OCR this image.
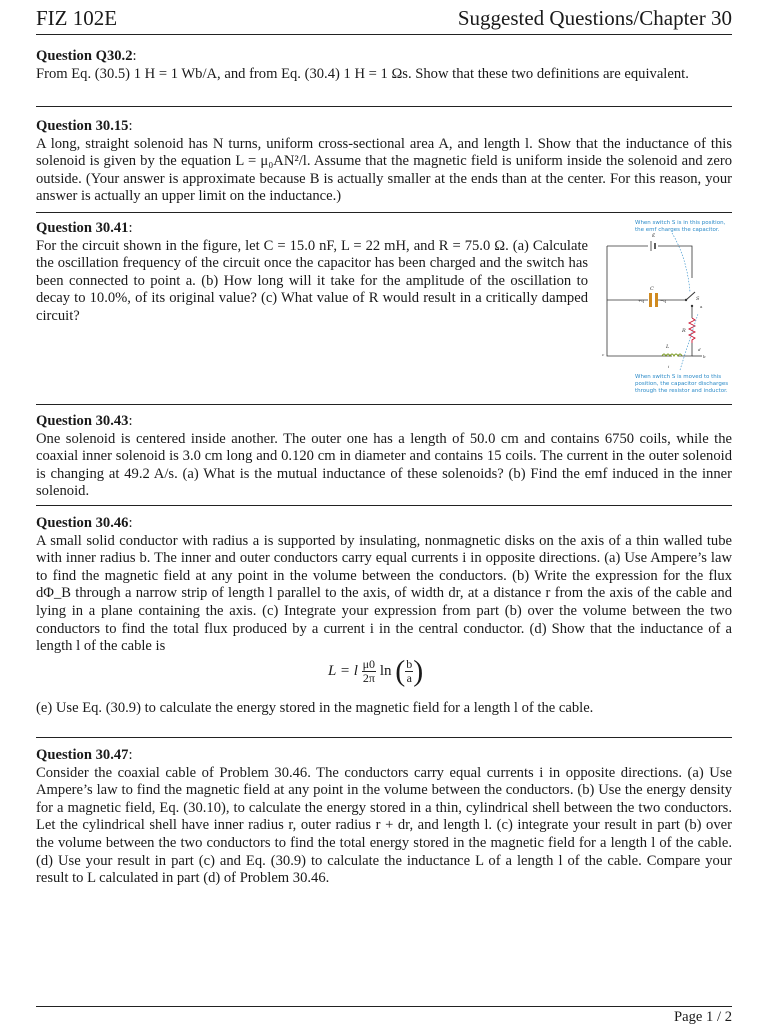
FIZ 102E	Suggested Questions/Chapter 30
Question Q30.2:
From Eq. (30.5) 1 H = 1 Wb/A, and from Eq. (30.4) 1 H = 1 Ωs. Show that these two definitions are equivalent.
Question 30.15:
A long, straight solenoid has N turns, uniform cross-sectional area A, and length l. Show that the inductance of this solenoid is given by the equation L = μ₀AN²/l. Assume that the magnetic field is uniform inside the solenoid and zero outside. (Your answer is approximate because B is actually smaller at the ends than at the center. For this reason, your answer is actually an upper limit on the inductance.)
Question 30.41:
For the circuit shown in the figure, let C = 15.0 nF, L = 22 mH, and R = 75.0 Ω. (a) Calculate the oscillation frequency of the circuit once the capacitor has been charged and the switch has been connected to point a. (b) How long will it take for the amplitude of the oscillation to decay to 10.0%, of its original value? (c) What value of R would result in a critically damped circuit?
When switch S is in this position,
the emf charges the capacitor.
ε
C
+q	−q	S
a
R
L
i
c	b
d
When switch S is moved to this
position, the capacitor discharges
through the resistor and inductor.
Question 30.43:
One solenoid is centered inside another. The outer one has a length of 50.0 cm and contains 6750 coils, while the coaxial inner solenoid is 3.0 cm long and 0.120 cm in diameter and contains 15 coils. The current in the outer solenoid is changing at 49.2 A/s. (a) What is the mutual inductance of these solenoids? (b) Find the emf induced in the inner solenoid.
Question 30.46:
A small solid conductor with radius a is supported by insulating, nonmagnetic disks on the axis of a thin walled tube with inner radius b. The inner and outer conductors carry equal currents i in opposite directions. (a) Use Ampere’s law to find the magnetic field at any point in the volume between the conductors. (b) Write the expression for the flux dΦ_B through a narrow strip of length l parallel to the axis, of width dr, at a distance r from the axis of the cable and lying in a plane containing the axis. (c) Integrate your expression from part (b) over the volume between the two conductors to find the total flux produced by a current i in the central conductor. (d) Show that the inductance of a length l of the cable is
L = l $\frac{\mu 0}{2\pi}$ ln ( $\frac{b}{a}$ )
(e) Use Eq. (30.9) to calculate the energy stored in the magnetic field for a length l of the cable.
Question 30.47:
Consider the coaxial cable of Problem 30.46. The conductors carry equal currents i in opposite directions. (a) Use Ampere’s law to find the magnetic field at any point in the volume between the conductors. (b) Use the energy density for a magnetic field, Eq. (30.10), to calculate the energy stored in a thin, cylindrical shell between the two conductors. Let the cylindrical shell have inner radius r, outer radius r + dr, and length l. (c) integrate your result in part (b) over the volume between the two conductors to find the total energy stored in the magnetic field for a length l of the cable. (d) Use your result in part (c) and Eq. (30.9) to calculate the inductance L of a length l of the cable. Compare your result to L calculated in part (d) of Problem 30.46.
Page 1 / 2
